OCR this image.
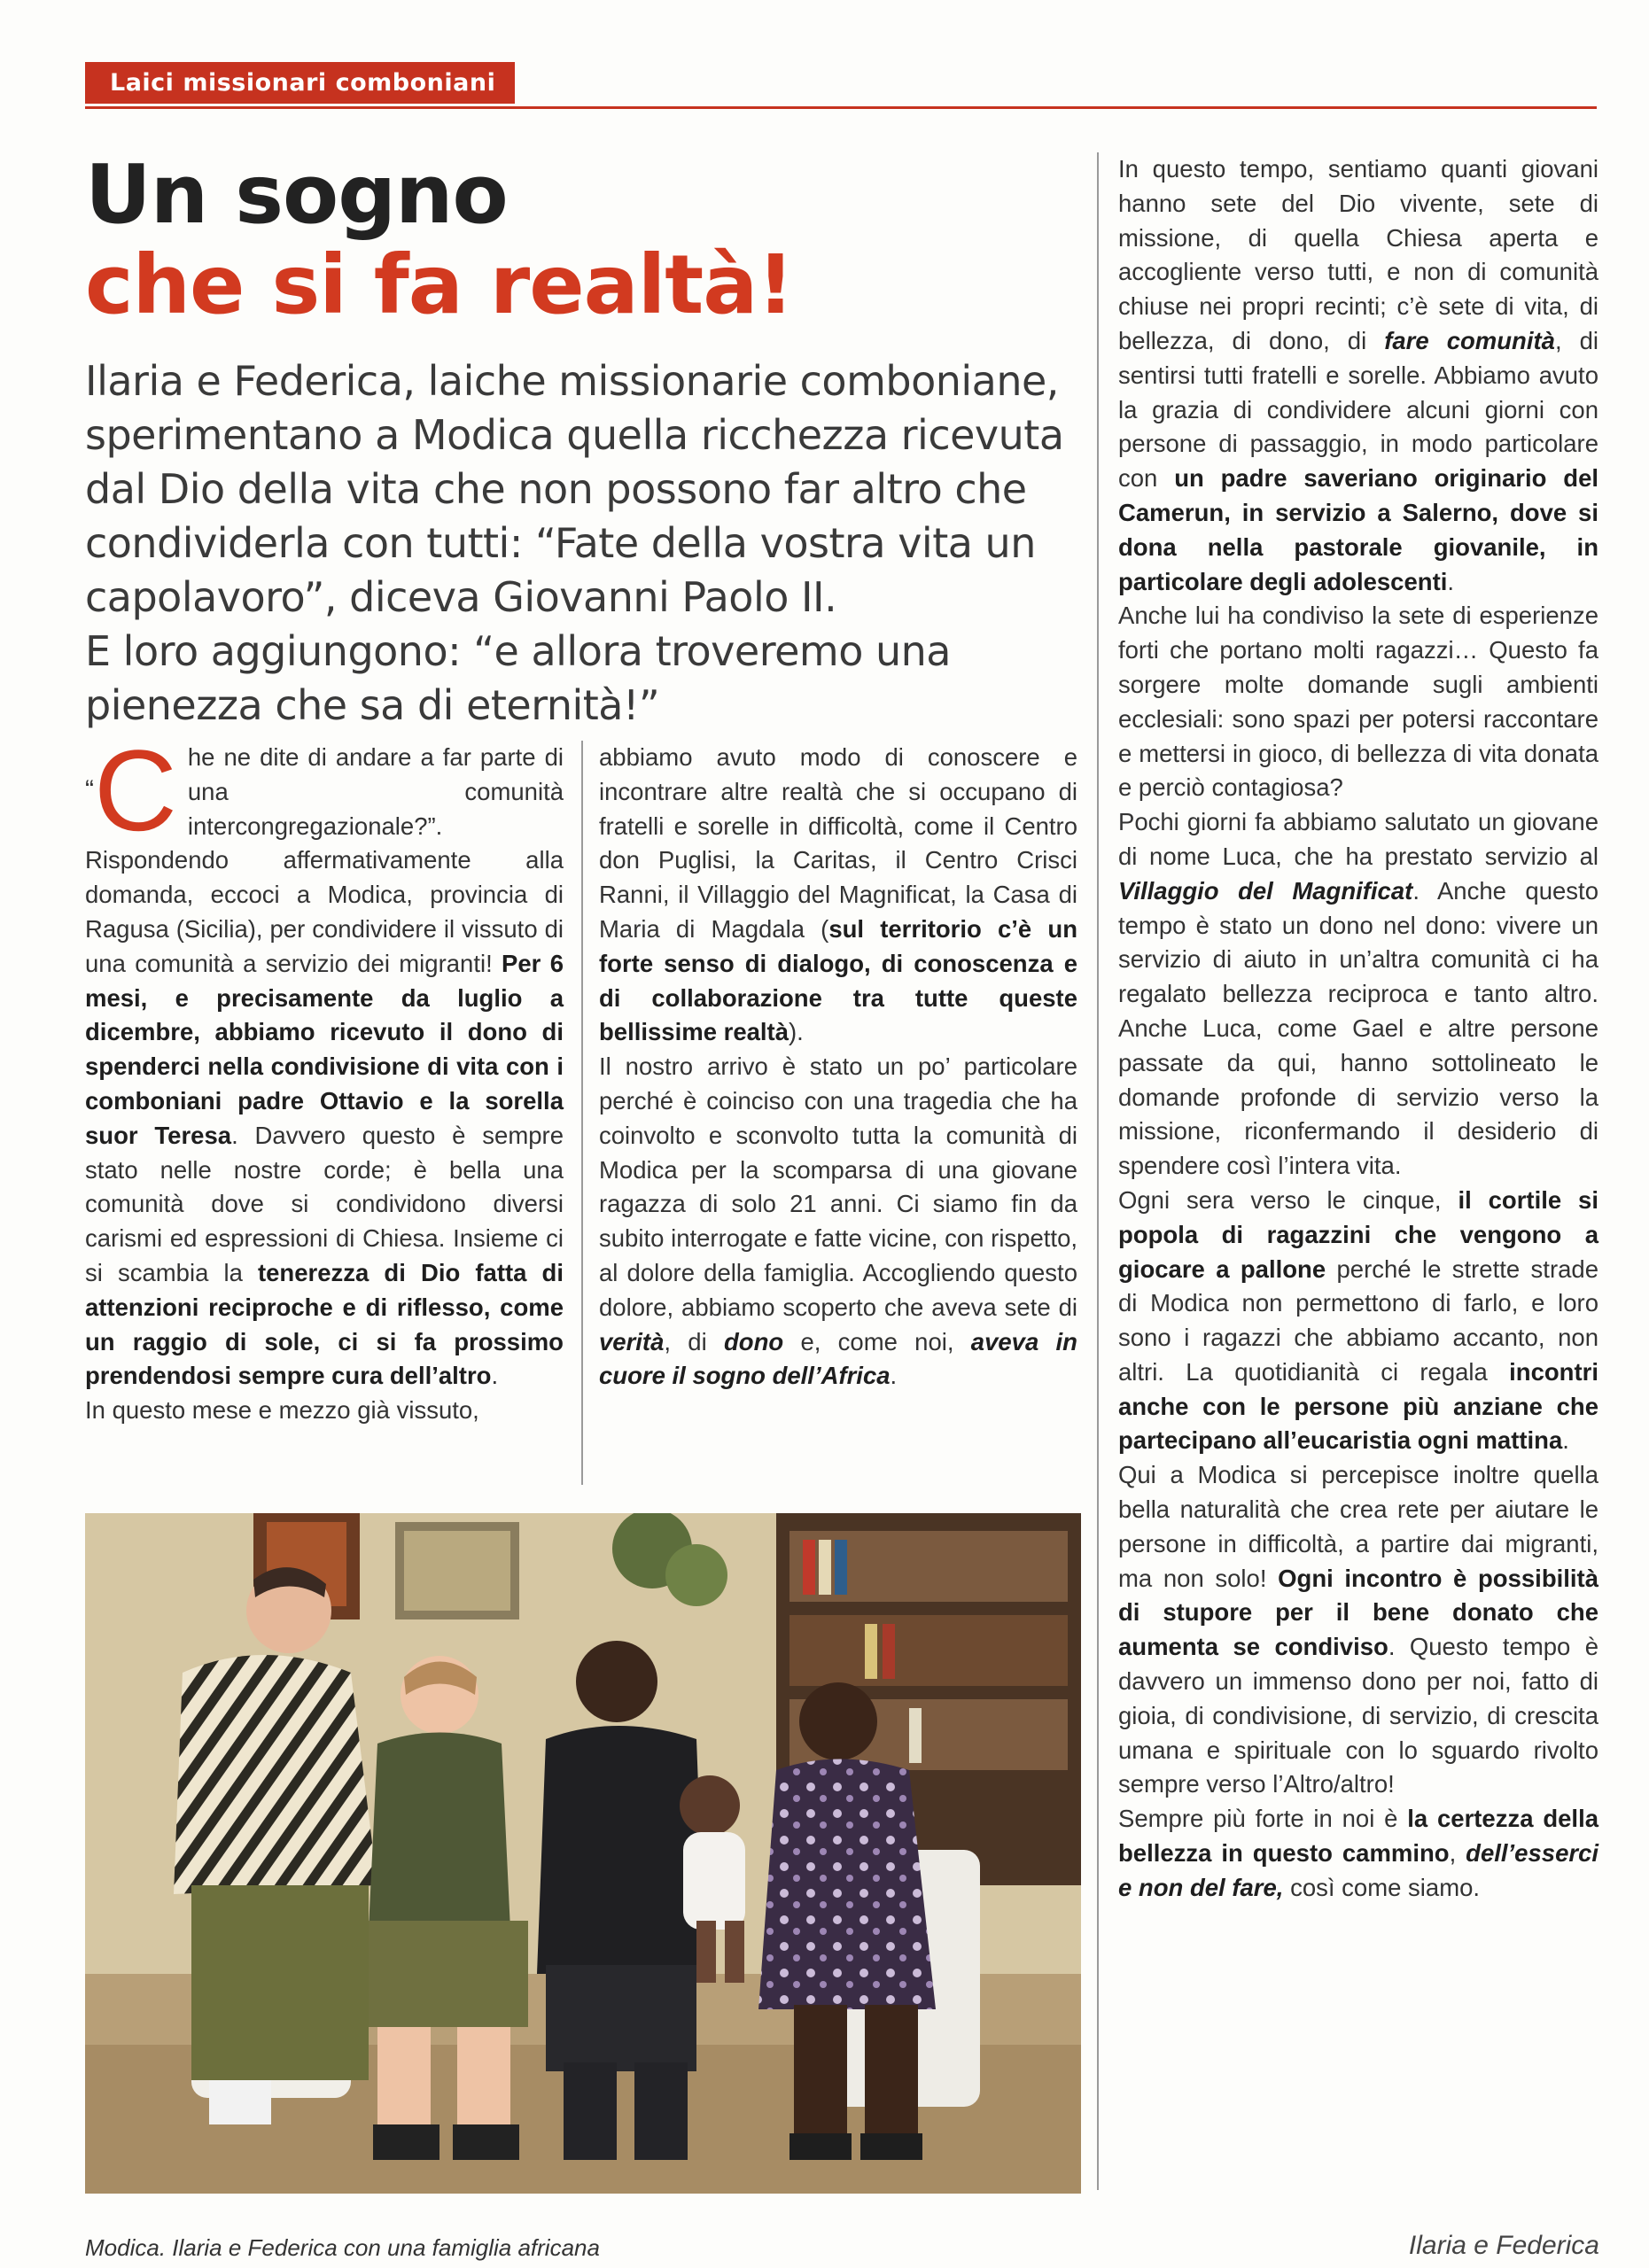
Laici missionari comboniani
Un sogno
che si fa realtà!

Ilaria e Federica, laiche missionarie comboniane, sperimentano a Modica quella ricchezza ricevuta dal Dio della vita che non possono far altro che condividerla con tutti: “Fate della vostra vita un capolavoro”, diceva Giovanni Paolo II.

E loro aggiungono: “e allora troveremo una pienezza che sa di eternità!”

“C he ne dite di andare a far parte di una comunità intercongregazionale?”. Rispondendo affermativamente alla domanda, eccoci a Modica, provincia di Ragusa (Sicilia), per condividere il vissuto di una comunità a servizio dei migranti! Per 6 mesi, e precisamente da luglio a dicembre, abbiamo ricevuto il dono di spenderci nella condivisione di vita con i comboniani padre Ottavio e la sorella suor Teresa. Davvero questo è sempre stato nelle nostre corde; è bella una comunità dove si condividono diversi carismi ed espressioni di Chiesa. Insieme ci si scambia la tenerezza di Dio fatta di attenzioni reciproche e di riflesso, come un raggio di sole, ci si fa prossimo prendendosi sempre cura dell’altro.

In questo mese e mezzo già vissuto,

abbiamo avuto modo di conoscere e incontrare altre realtà che si occupano di fratelli e sorelle in difficoltà, come il Centro don Puglisi, la Caritas, il Centro Crisci Ranni, il Villaggio del Magnificat, la Casa di Maria di Magdala (sul territorio c’è un forte senso di dialogo, di conoscenza e di collaborazione tra tutte queste bellissime realtà).

Il nostro arrivo è stato un po’ particolare perché è coinciso con una tragedia che ha coinvolto e sconvolto tutta la comunità di Modica per la scomparsa di una giovane ragazza di solo 21 anni. Ci siamo fin da subito interrogate e fatte vicine, con rispetto, al dolore della famiglia. Accogliendo questo dolore, abbiamo scoperto che aveva sete di verità, di dono e, come noi, aveva in cuore il sogno dell’Africa.

In questo tempo, sentiamo quanti giovani hanno sete del Dio vivente, sete di missione, di quella Chiesa aperta e accogliente verso tutti, e non di comunità chiuse nei propri recinti; c’è sete di vita, di bellezza, di dono, di fare comunità, di sentirsi tutti fratelli e sorelle. Abbiamo avuto la grazia di condividere alcuni giorni con persone di passaggio, in modo particolare con un padre saveriano originario del Camerun, in servizio a Salerno, dove si dona nella pastorale giovanile, in particolare degli adolescenti.

Anche lui ha condiviso la sete di esperienze forti che portano molti ragazzi… Questo fa sorgere molte domande sugli ambienti ecclesiali: sono spazi per potersi raccontare e mettersi in gioco, di bellezza di vita donata e perciò contagiosa?

Pochi giorni fa abbiamo salutato un giovane di nome Luca, che ha prestato servizio al Villaggio del Magnificat. Anche questo tempo è stato un dono nel dono: vivere un servizio di aiuto in un’altra comunità ci ha regalato bellezza reciproca e tanto altro. Anche Luca, come Gael e altre persone passate da qui, hanno sottolineato le domande profonde di servizio verso la missione, riconfermando il desiderio di spendere così l’intera vita.

Ogni sera verso le cinque, il cortile si popola di ragazzini che vengono a giocare a pallone perché le strette strade di Modica non permettono di farlo, e loro sono i ragazzi che abbiamo accanto, non altri. La quotidianità ci regala incontri anche con le persone più anziane che partecipano all’eucaristia ogni mattina.

Qui a Modica si percepisce inoltre quella bella naturalità che crea rete per aiutare le persone in difficoltà, a partire dai migranti, ma non solo! Ogni incontro è possibilità di stupore per il bene donato che aumenta se condiviso. Questo tempo è davvero un immenso dono per noi, fatto di gioia, di condivisione, di servizio, di crescita umana e spirituale con lo sguardo rivolto sempre verso l’Altro/altro!

Sempre più forte in noi è la certezza della bellezza in questo cammino, dell’esserci e non del fare, così come siamo.

Modica. Ilaria e Federica con una famiglia africana	Ilaria e Federica
